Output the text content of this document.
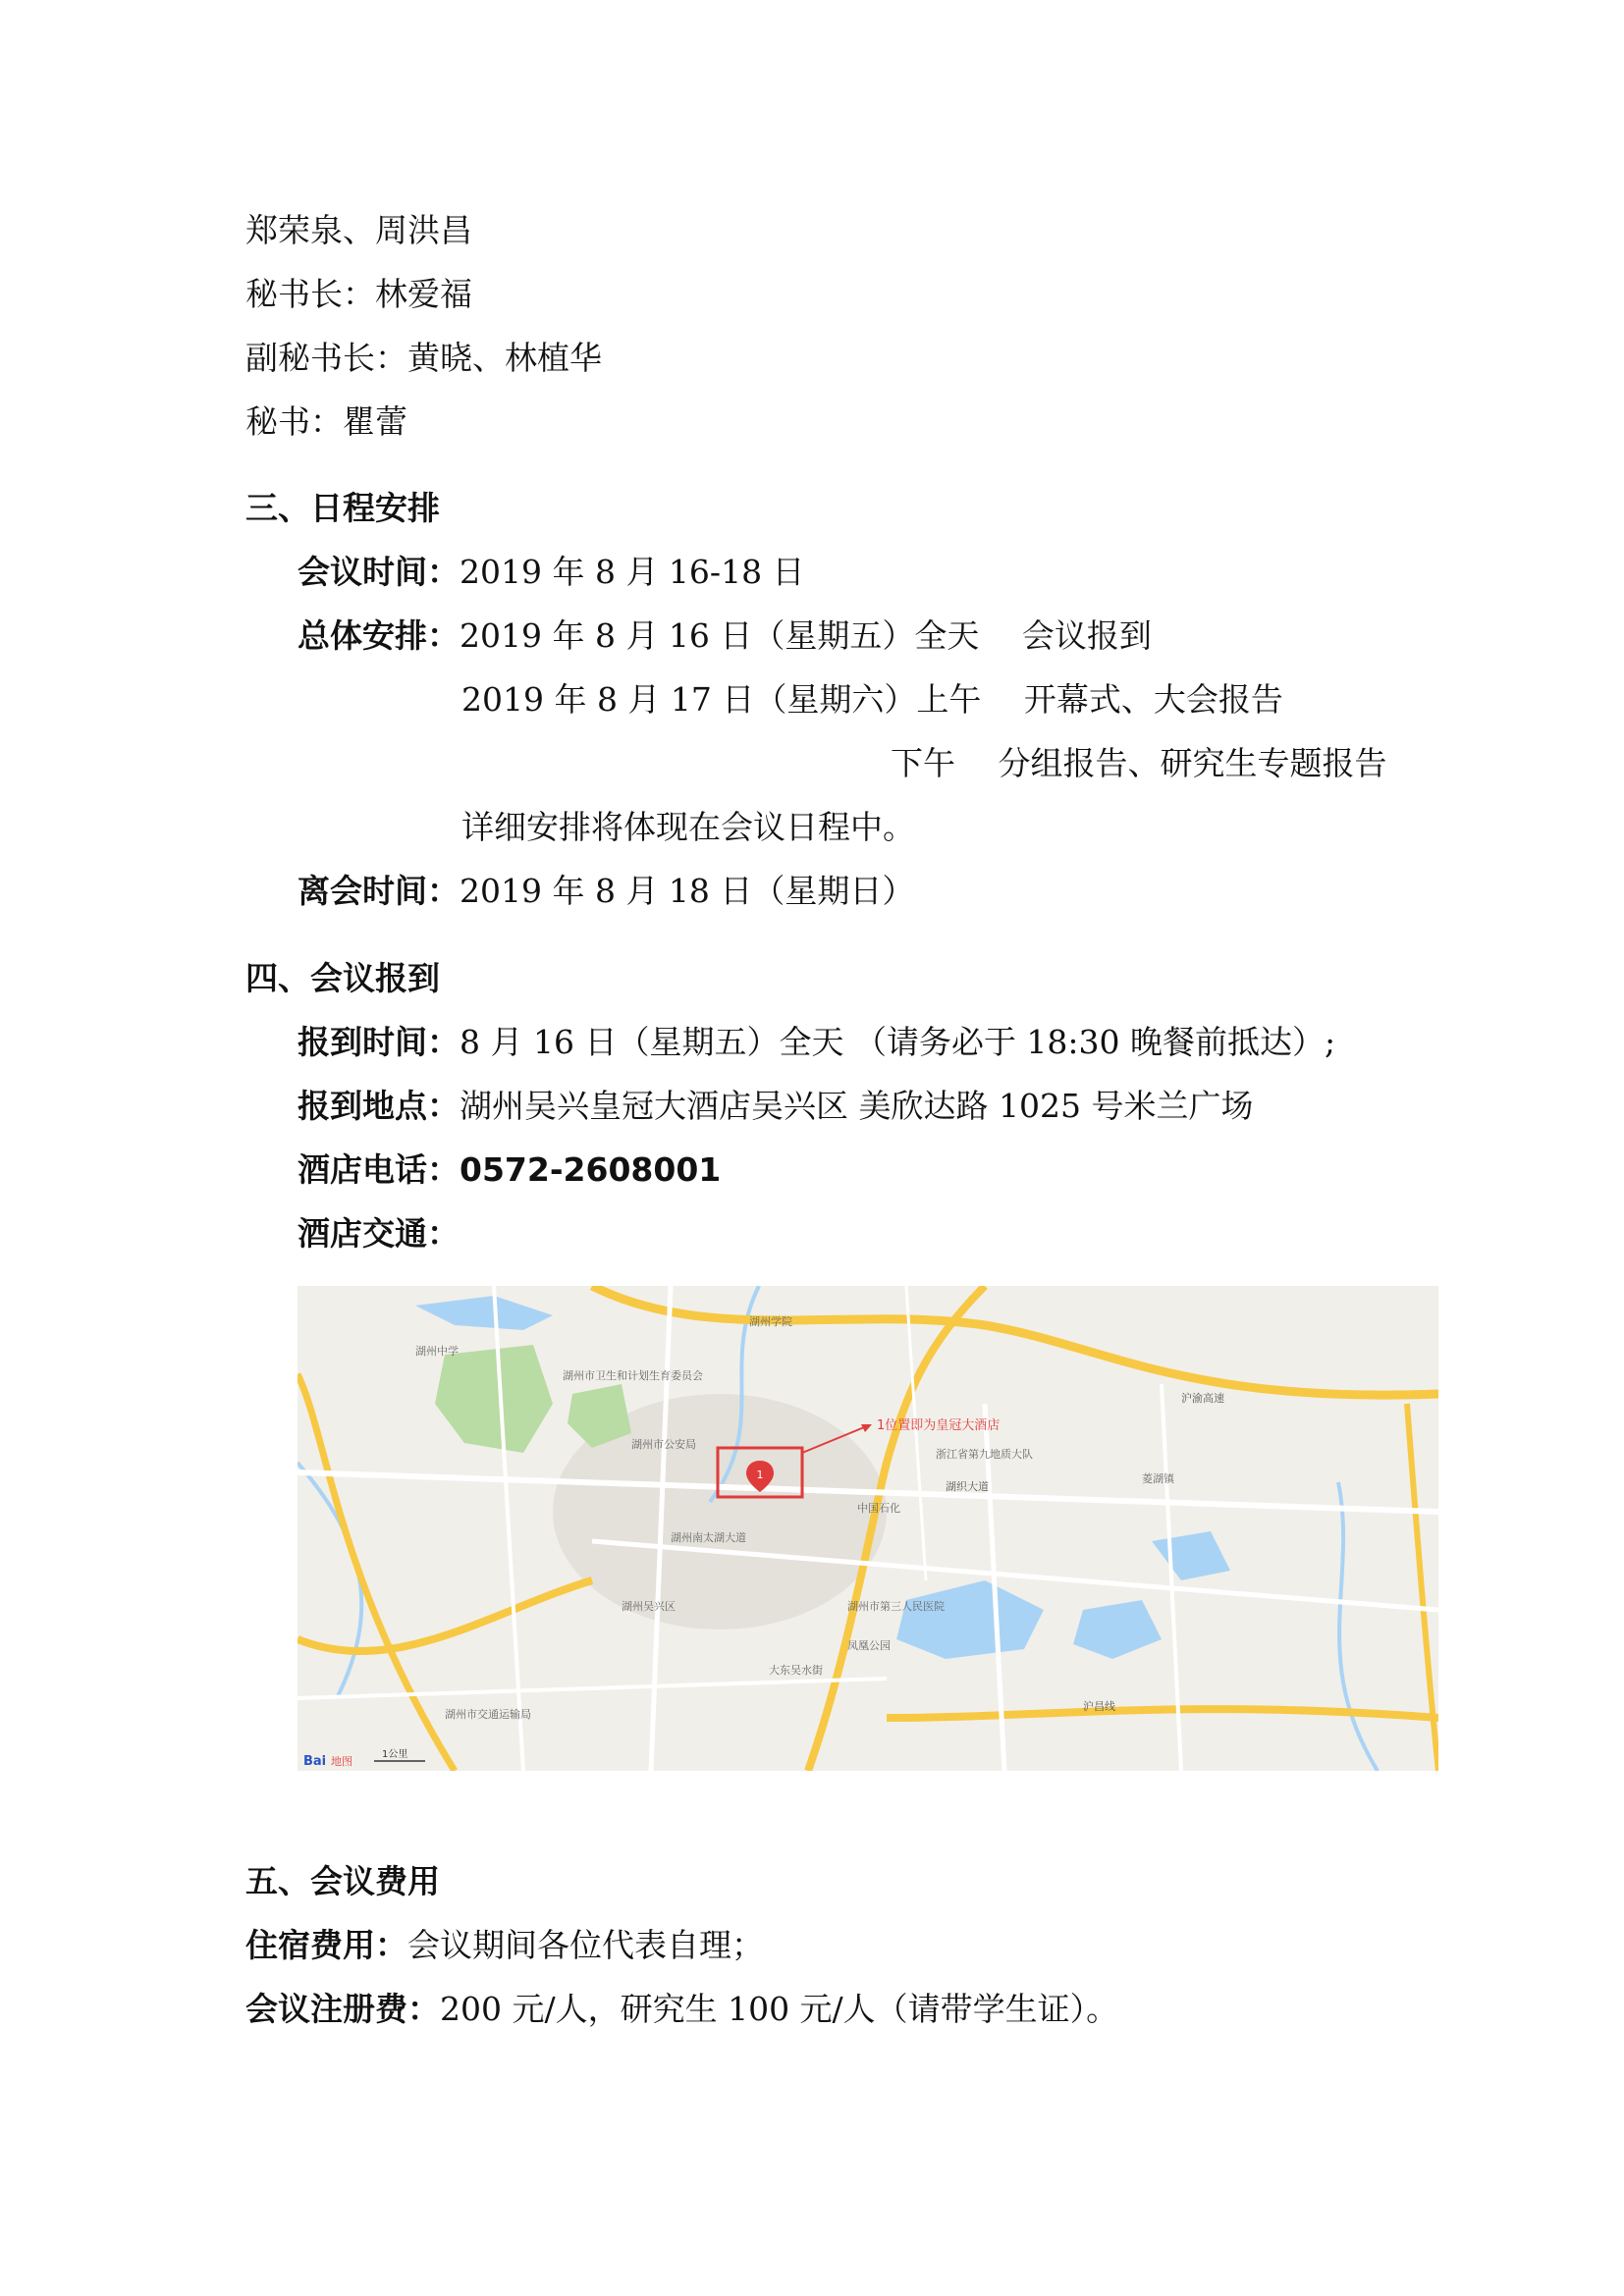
郑荣泉、周洪昌
秘书长：林爱福
副秘书长：黄晓、林植华
秘书：瞿蕾
三、日程安排
会议时间：2019 年 8 月 16-18 日
总体安排：2019 年 8 月 16 日（星期五）全天　 会议报到
2019 年 8 月 17 日（星期六）上午　 开幕式、大会报告
下午　 分组报告、研究生专题报告
详细安排将体现在会议日程中。
离会时间：2019 年 8 月 18 日（星期日）
四、会议报到
报到时间：8 月 16 日（星期五）全天 （请务必于 18:30 晚餐前抵达）;
报到地点：湖州吴兴皇冠大酒店吴兴区 美欣达路 1025 号米兰广场
酒店电话：0572-2608001
酒店交通：
湖州市卫生和计划生育委员会
湖州市公安局
湖州南太湖大道
湖织大道
沪渝高速
沪昌线
湖州市第三人民医院
浙江省第九地质大队
中国石化
凤凰公园
大东吴水街
菱湖镇
湖州中学
湖州学院
湖州市交通运输局
湖州吴兴区
1
1位置即为皇冠大酒店
Bai 地图
1公里
五、会议费用
住宿费用：会议期间各位代表自理；
会议注册费：200 元/人，研究生 100 元/人（请带学生证）。
